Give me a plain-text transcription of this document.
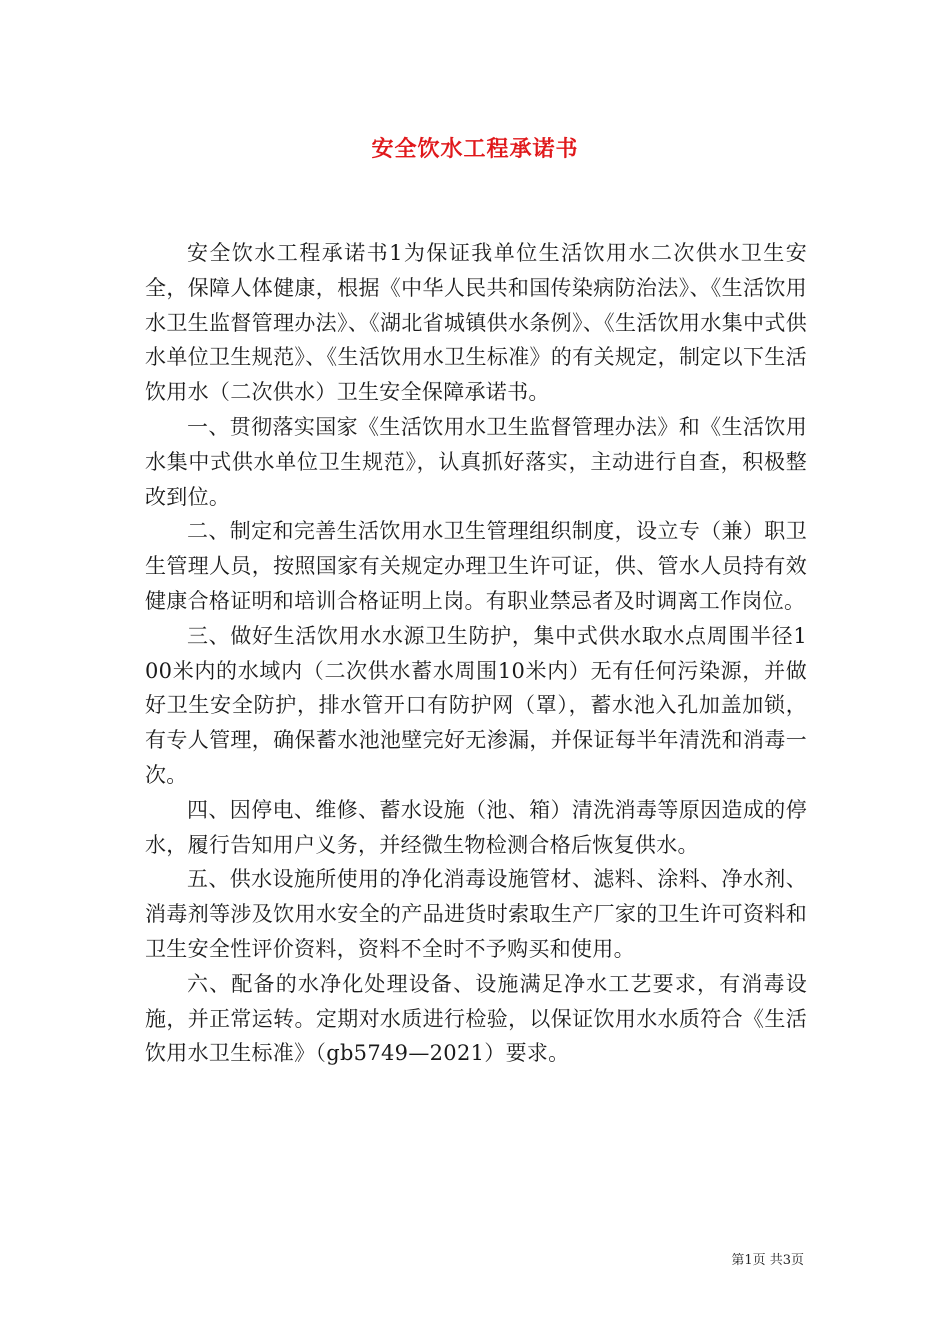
安全饮水工程承诺书

安全饮水工程承诺书1为保证我单位生活饮用水二次供水卫生安全，保障人体健康，根据《中华人民共和国传染病防治法》、《生活饮用水卫生监督管理办法》、《湖北省城镇供水条例》、《生活饮用水集中式供水单位卫生规范》、《生活饮用水卫生标准》的有关规定，制定以下生活饮用水（二次供水）卫生安全保障承诺书。

一、贯彻落实国家《生活饮用水卫生监督管理办法》和《生活饮用水集中式供水单位卫生规范》，认真抓好落实，主动进行自查，积极整改到位。

二、制定和完善生活饮用水卫生管理组织制度，设立专（兼）职卫生管理人员，按照国家有关规定办理卫生许可证，供、管水人员持有效健康合格证明和培训合格证明上岗。有职业禁忌者及时调离工作岗位。

三、做好生活饮用水水源卫生防护，集中式供水取水点周围半径100米内的水域内（二次供水蓄水周围10米内）无有任何污染源，并做好卫生安全防护，排水管开口有防护网（罩），蓄水池入孔加盖加锁，有专人管理，确保蓄水池池壁完好无渗漏，并保证每半年清洗和消毒一次。

四、因停电、维修、蓄水设施（池、箱）清洗消毒等原因造成的停水，履行告知用户义务，并经微生物检测合格后恢复供水。

五、供水设施所使用的净化消毒设施管材、滤料、涂料、净水剂、消毒剂等涉及饮用水安全的产品进货时索取生产厂家的卫生许可资料和卫生安全性评价资料，资料不全时不予购买和使用。

六、配备的水净化处理设备、设施满足净水工艺要求，有消毒设施，并正常运转。定期对水质进行检验，以保证饮用水水质符合《生活饮用水卫生标准》（gb5749—2021）要求。

第1页 共3页
